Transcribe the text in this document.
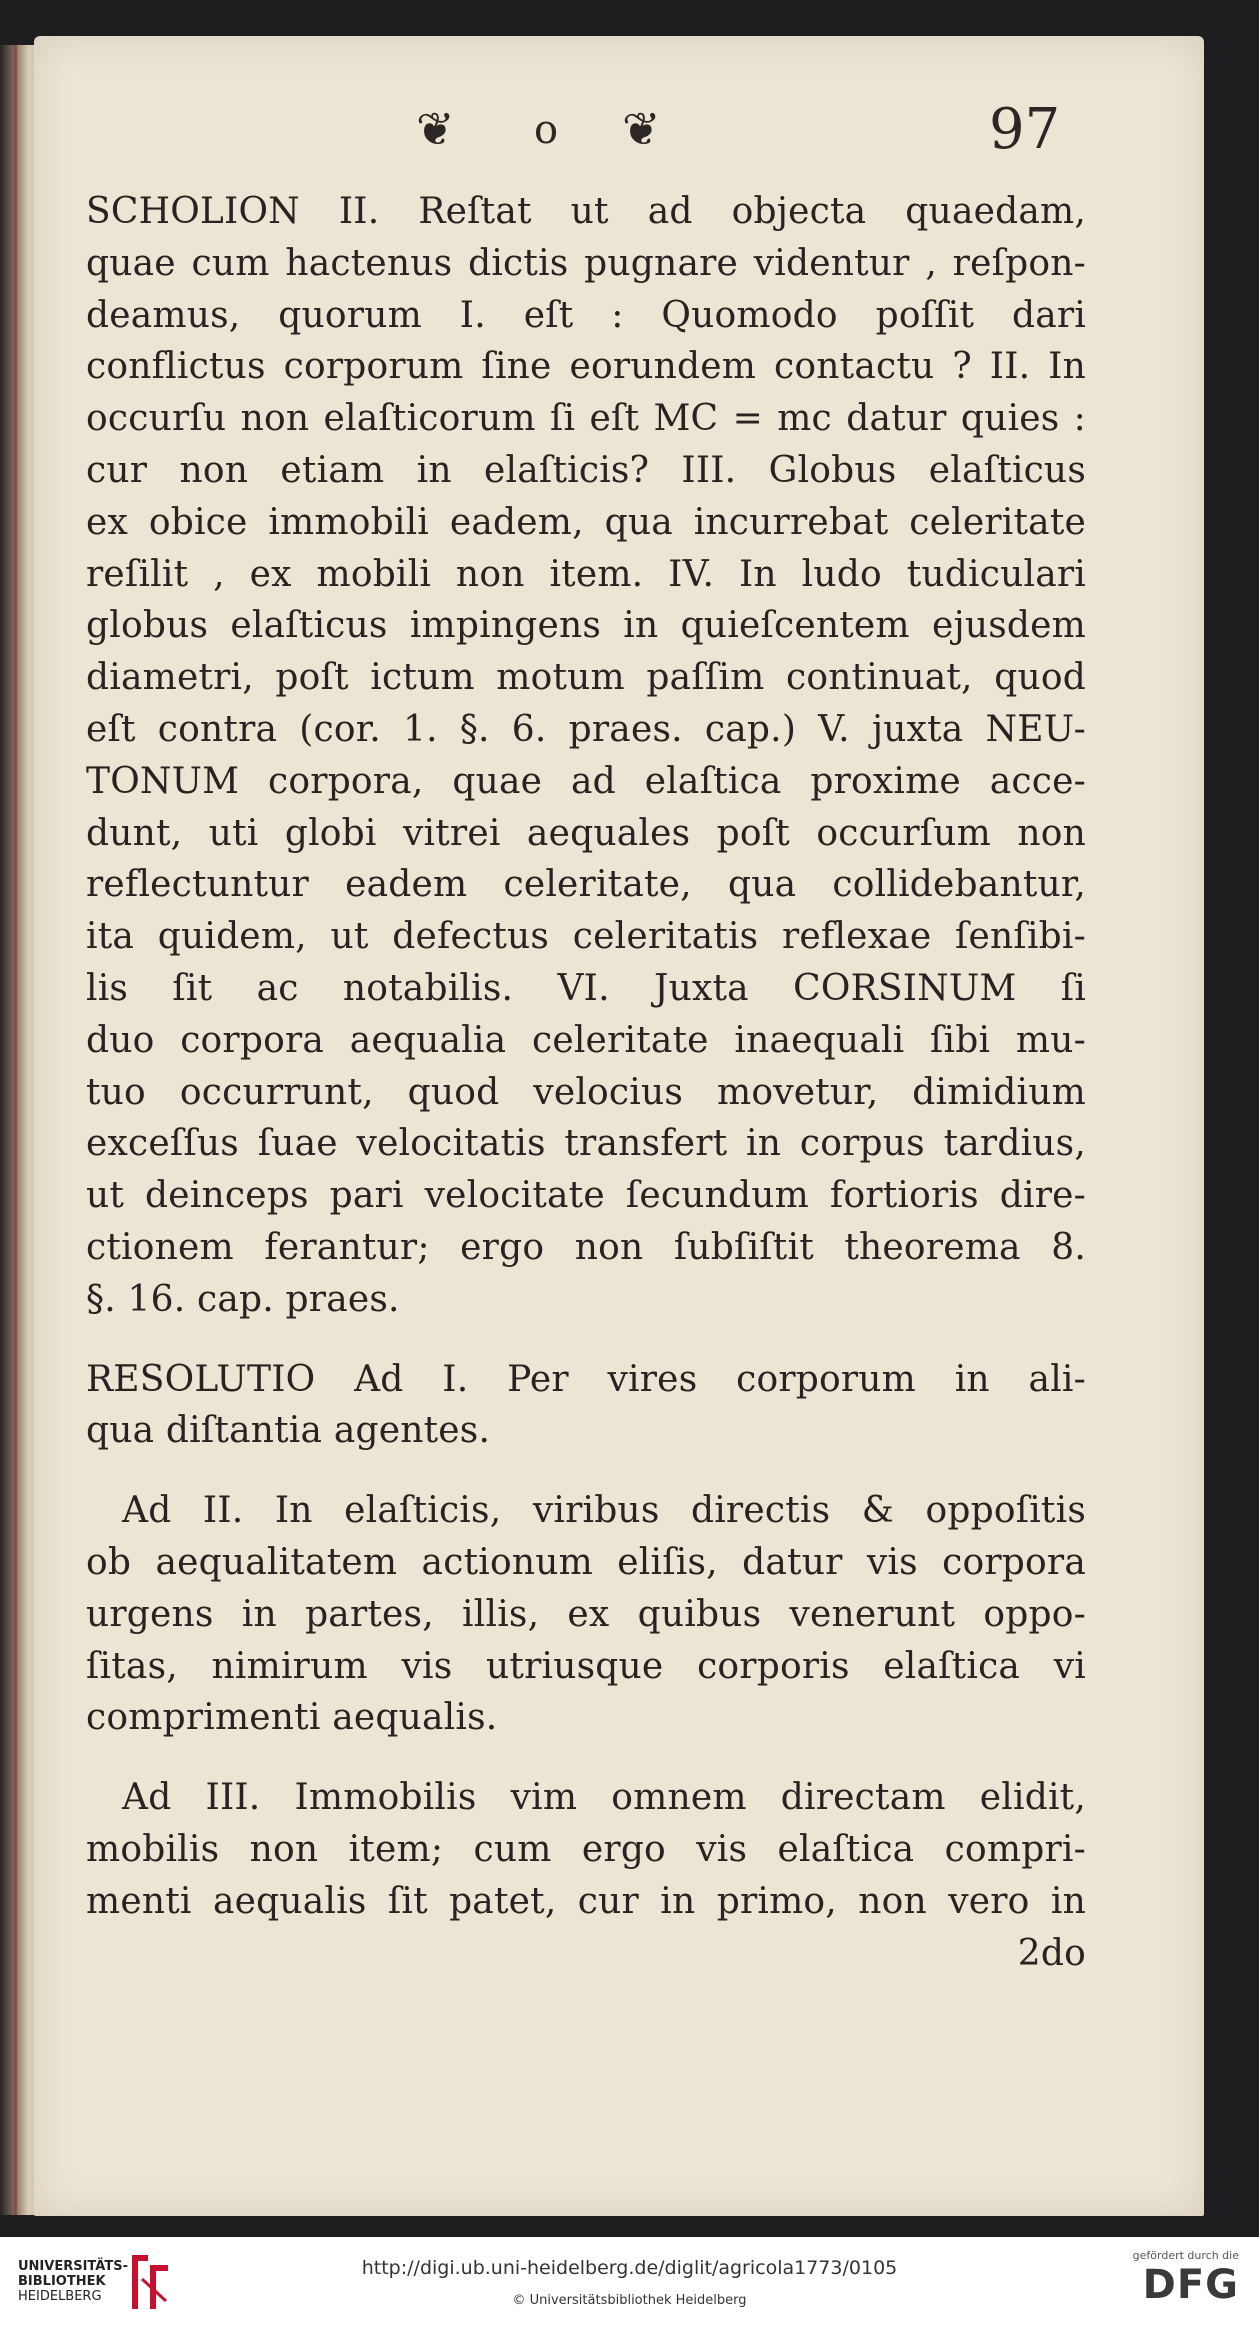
❦ o ❦	97
SCHOLION II. Reſtat ut ad objecta quaedam,
quae cum hactenus dictis pugnare videntur , reſpon-
deamus, quorum I. eſt : Quomodo poſſit dari
conflictus corporum ſine eorundem contactu ? II. In
occurſu non elaſticorum ſi eſt MC = mc datur quies :
cur non etiam in elaſticis? III. Globus elaſticus
ex obice immobili eadem, qua incurrebat celeritate
reſilit , ex mobili non item. IV. In ludo tudiculari
globus elaſticus impingens in quieſcentem ejusdem
diametri, poſt ictum motum paſſim continuat, quod
eſt contra (cor. 1. §. 6. praes. cap.) V. juxta NEU-
TONUM corpora, quae ad elaſtica proxime acce-
dunt, uti globi vitrei aequales poſt occurſum non
reflectuntur eadem celeritate, qua collidebantur,
ita quidem, ut defectus celeritatis reflexae ſenſibi-
lis ſit ac notabilis. VI. Juxta CORSINUM ſi
duo corpora aequalia celeritate inaequali ſibi mu-
tuo occurrunt, quod velocius movetur, dimidium
exceſſus ſuae velocitatis transfert in corpus tardius,
ut deinceps pari velocitate ſecundum fortioris dire-
ctionem ferantur; ergo non ſubſiſtit theorema 8.
§. 16. cap. praes.
RESOLUTIO Ad I. Per vires corporum in ali-
qua diſtantia agentes.
Ad II. In elaſticis, viribus directis & oppoſitis
ob aequalitatem actionum eliſis, datur vis corpora
urgens in partes, illis, ex quibus venerunt oppo-
ſitas, nimirum vis utriusque corporis elaſtica vi
comprimenti aequalis.
Ad III. Immobilis vim omnem directam elidit,
mobilis non item; cum ergo vis elaſtica compri-
menti aequalis ſit patet, cur in primo, non vero in
2do
UNIVERSITÄTS-
BIBLIOTHEK
HEIDELBERG
http://digi.ub.uni-heidelberg.de/diglit/agricola1773/0105
© Universitätsbibliothek Heidelberg
gefördert durch die
DFG
